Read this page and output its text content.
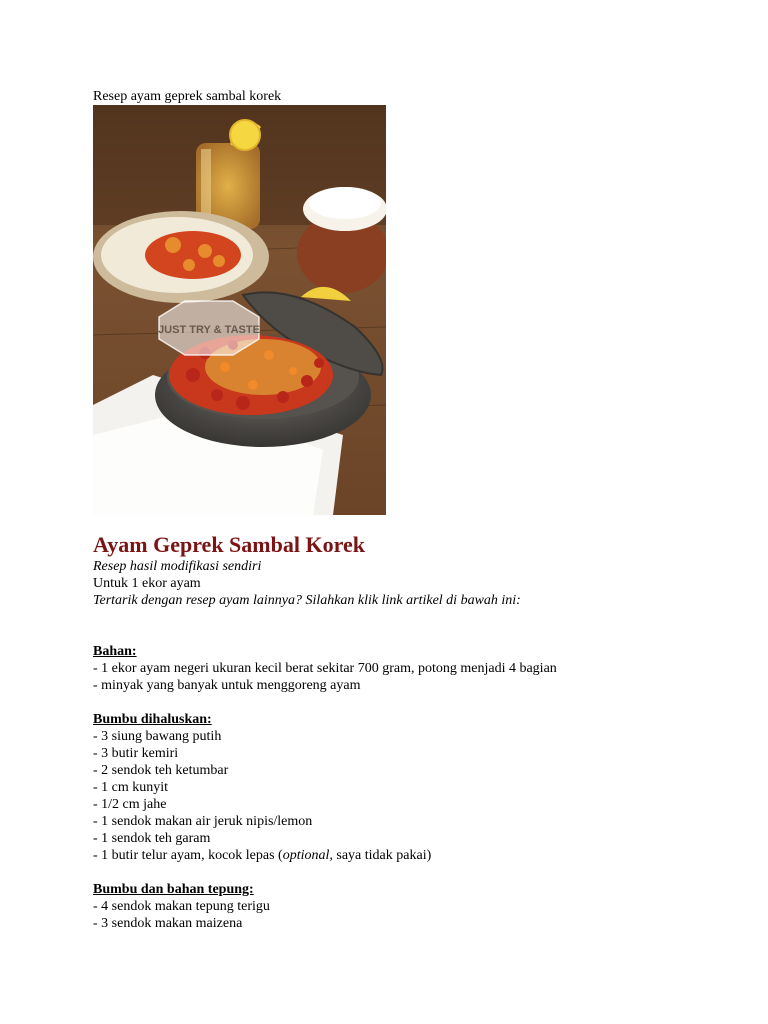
Resep ayam geprek sambal korek
JUST TRY & TASTE
Ayam Geprek Sambal Korek
Resep hasil modifikasi sendiri
Untuk 1 ekor ayam
Tertarik dengan resep ayam lainnya? Silahkan klik link artikel di bawah ini:
Bahan:
- 1 ekor ayam negeri ukuran kecil berat sekitar 700 gram, potong menjadi 4 bagian
- minyak yang banyak untuk menggoreng ayam
Bumbu dihaluskan:
- 3 siung bawang putih
- 3 butir kemiri
- 2 sendok teh ketumbar
- 1 cm kunyit
- 1/2 cm jahe
- 1 sendok makan air jeruk nipis/lemon
- 1 sendok teh garam
- 1 butir telur ayam, kocok lepas (optional, saya tidak pakai)
Bumbu dan bahan tepung:
- 4 sendok makan tepung terigu
- 3 sendok makan maizena
